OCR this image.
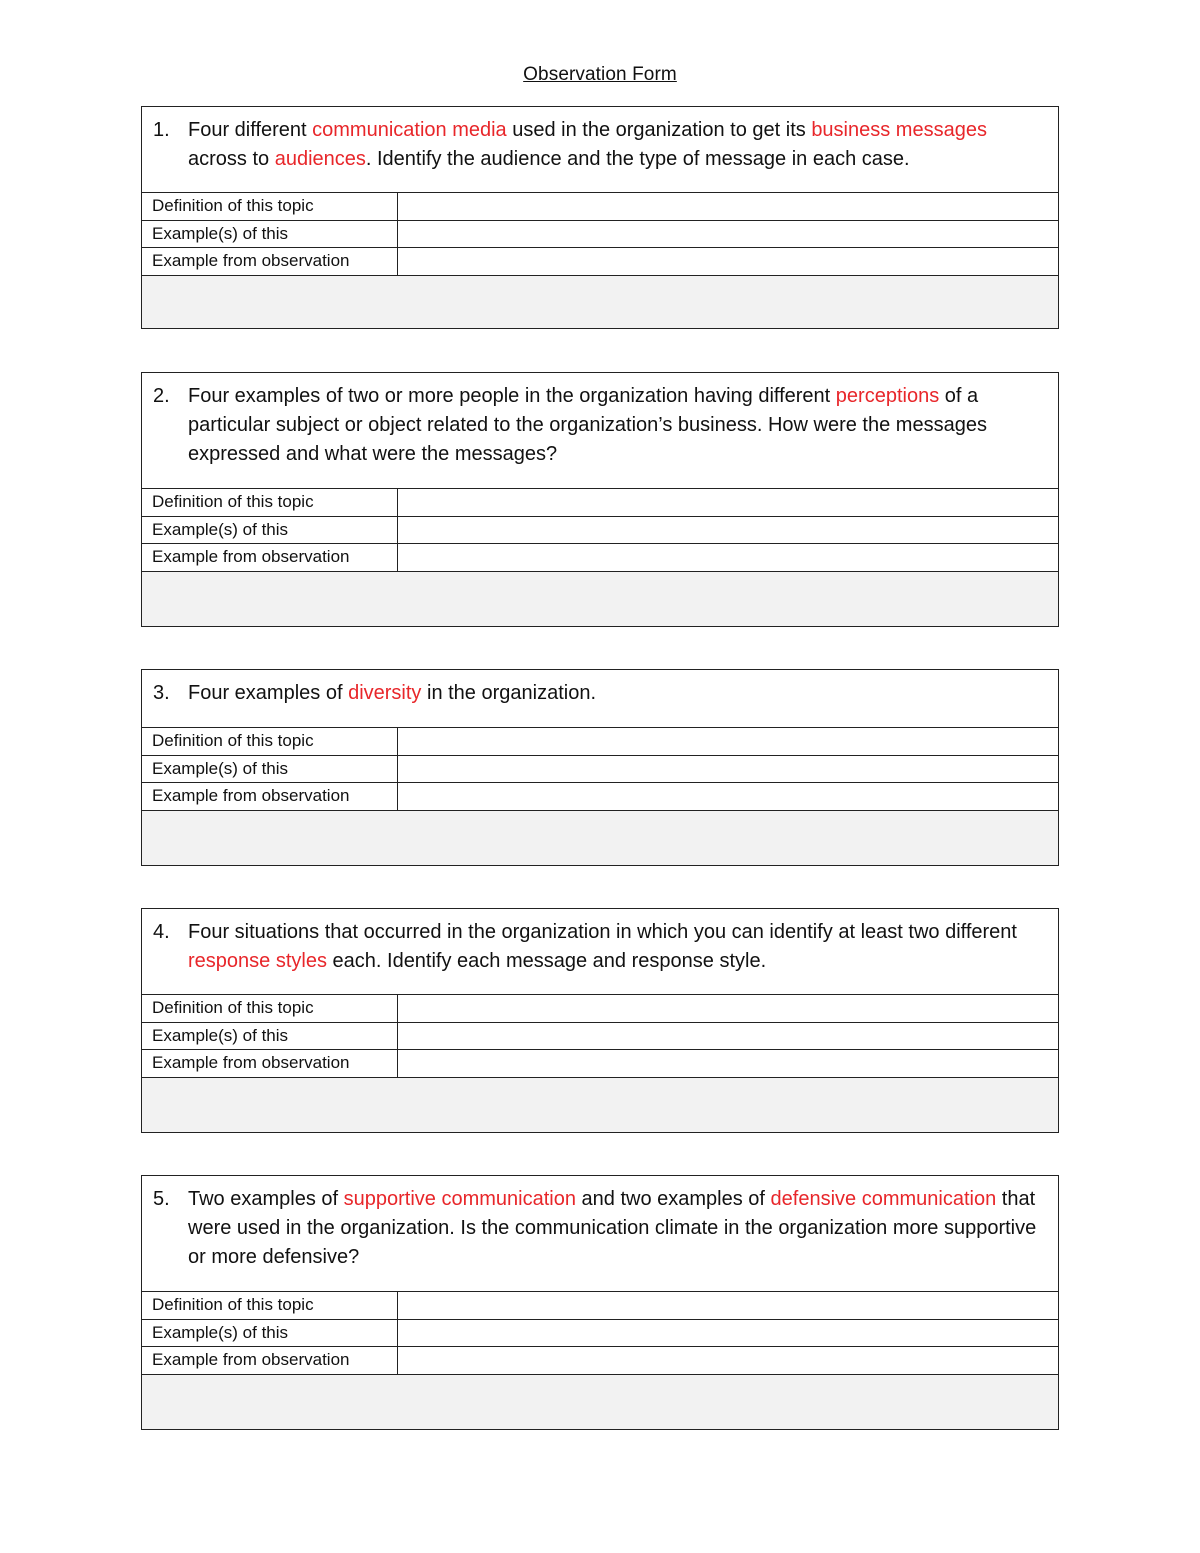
Observation Form
1. Four different communication media used in the organization to get its business messages across to audiences. Identify the audience and the type of message in each case.
Definition of this topic
Example(s) of this
Example from observation
2. Four examples of two or more people in the organization having different perceptions of a particular subject or object related to the organization’s business. How were the messages expressed and what were the messages?
Definition of this topic
Example(s) of this
Example from observation
3. Four examples of diversity in the organization.
Definition of this topic
Example(s) of this
Example from observation
4. Four situations that occurred in the organization in which you can identify at least two different response styles each. Identify each message and response style.
Definition of this topic
Example(s) of this
Example from observation
5. Two examples of supportive communication and two examples of defensive communication that were used in the organization. Is the communication climate in the organization more supportive or more defensive?
Definition of this topic
Example(s) of this
Example from observation
